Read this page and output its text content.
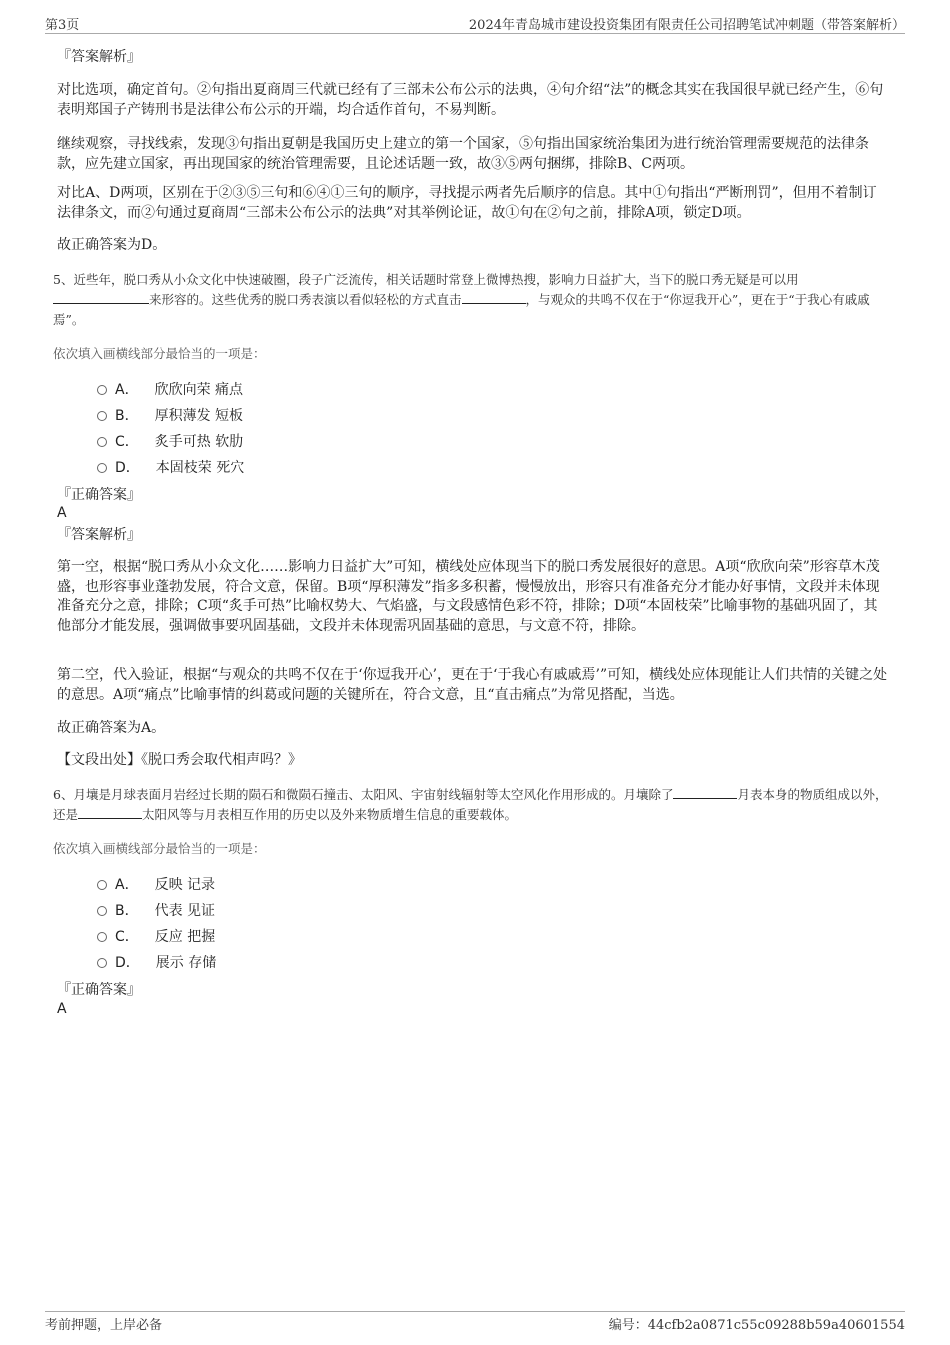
第3页	2024年青岛城市建设投资集团有限责任公司招聘笔试冲刺题（带答案解析）

『答案解析』

对比选项，确定首句。②句指出夏商周三代就已经有了三部未公布公示的法典，④句介绍“法”的概念其实在我国很早就已经产生，⑥句表明郑国子产铸刑书是法律公布公示的开端，均合适作首句，不易判断。

继续观察，寻找线索，发现③句指出夏朝是我国历史上建立的第一个国家，⑤句指出国家统治集团为进行统治管理需要规范的法律条款，应先建立国家，再出现国家的统治管理需要，且论述话题一致，故③⑤两句捆绑，排除B、C两项。

对比A、D两项，区别在于②③⑤三句和⑥④①三句的顺序，寻找提示两者先后顺序的信息。其中①句指出“严断刑罚”，但用不着制订法律条文，而②句通过夏商周“三部未公布公示的法典”对其举例论证，故①句在②句之前，排除A项，锁定D项。

故正确答案为D。

5、近些年，脱口秀从小众文化中快速破圈，段子广泛流传，相关话题时常登上微博热搜，影响力日益扩大，当下的脱口秀无疑是可以用来形容的。这些优秀的脱口秀表演以看似轻松的方式直击	，与观众的共鸣不仅在于“你逗我开心”，更在于“于我心有戚戚焉”。

依次填入画横线部分最恰当的一项是：

A． 欣欣向荣 痛点
B． 厚积薄发 短板
C． 炙手可热 软肋
D． 本固枝荣 死穴

『正确答案』

A

『答案解析』

第一空，根据“脱口秀从小众文化……影响力日益扩大”可知，横线处应体现当下的脱口秀发展很好的意思。A项“欣欣向荣”形容草木茂盛，也形容事业蓬勃发展，符合文意，保留。B项“厚积薄发”指多多积蓄，慢慢放出，形容只有准备充分才能办好事情，文段并未体现准备充分之意，排除；C项“炙手可热”比喻权势大、气焰盛，与文段感情色彩不符，排除；D项“本固枝荣”比喻事物的基础巩固了，其他部分才能发展，强调做事要巩固基础，文段并未体现需巩固基础的意思，与文意不符，排除。

第二空，代入验证，根据“与观众的共鸣不仅在于‘你逗我开心’，更在于‘于我心有戚戚焉’”可知，横线处应体现能让人们共情的关键之处的意思。A项“痛点”比喻事情的纠葛或问题的关键所在，符合文意，且“直击痛点”为常见搭配，当选。

故正确答案为A。

【文段出处】《脱口秀会取代相声吗？》

6、月壤是月球表面月岩经过长期的陨石和微陨石撞击、太阳风、宇宙射线辐射等太空风化作用形成的。月壤除了	月表本身的物质组成以外，还是	太阳风等与月表相互作用的历史以及外来物质增生信息的重要载体。

依次填入画横线部分最恰当的一项是：

A． 反映 记录
B． 代表 见证
C． 反应 把握
D． 展示 存储

『正确答案』

A

考前押题，上岸必备	编号：44cfb2a0871c55c09288b59a40601554
